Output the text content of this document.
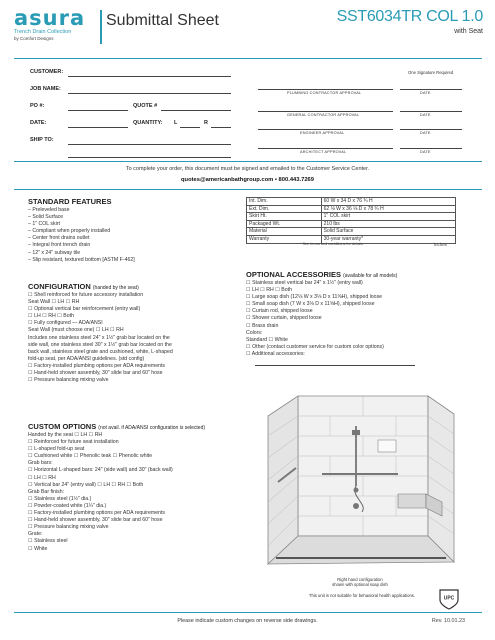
asura
Trench Drain Collection
by Comfort Designs
Submittal Sheet	SST6034TR COL 1.0
with Seat
CUSTOMER:
JOB NAME:
PO #:	QUOTE #
DATE:	QUANTITY: L	R
SHIP TO:
One Signature Required
PLUMBING CONTRACTOR APPROVAL	DATE
GENERAL CONTRACTOR APPROVAL	DATE
ENGINEER APPROVAL	DATE
ARCHITECT APPROVAL	DATE
To complete your order, this document must be signed and emailed to the Customer Service Center.
quotes@americanbathgroup.com • 800.443.7269
STANDARD FEATURES
– Preleveled base
– Solid Surface
– 1" COL skirt
– Compliant when properly installed
– Center front drains outlet
– Integral front trench drain
– 12" x 24" subway tile
– Slip resistant, textured bottom [ASTM F-462]
Int. Dim.	60 W x 34 D x 76 ¾ H
Ext. Dim.	62 ⅛ W x 36 ⅛ D x 78 ¾ H
Skirt Ht.	1" COL skirt
Packaged Wt.	210 lbs
Material	Solid Surface
Warranty	30-year warranty*
* See terms and conditions for details	inches
CONFIGURATION (handed by the seat)
☐ Shell reinforced for future accessory installation
Seat Wall ☐ LH ☐ RH
☐ Optional vertical bar reinforcement (entry wall)
☐ LH ☐ RH ☐ Both
☐ Fully configured — ADA/ANSI
Seat Wall (must choose one) ☐ LH ☐ RH
Includes one stainless steel 24" x 1½" grab bar located on the
side wall, one stainless steel 30" x 1½" grab bar located on the
back wall, stainless steel grate and cushioned, white, L-shaped
fold-up seat, per ADA/ANSI guidelines. (std config)
☐ Factory-installed plumbing options per ADA requirements
☐ Hand-held shower assembly, 30" slide bar and 60" hose
☐ Pressure balancing mixing valve
OPTIONAL ACCESSORIES (available for all models)
☐ Stainless steel vertical bar 24" x 1½" (entry wall)
☐ LH ☐ RH ☐ Both
☐ Large soap dish (12⅛ W x 3⅛ D x 11⅝H), shipped loose
☐ Small soap dish (7 W x 3⅛ D x 11⅝H), shipped loose
☐ Curtain rod, shipped loose
☐ Shower curtain, shipped loose
☐ Brass drain
Colors:
Standard ☐ White
☐ Other (contact customer service for custom color options)
☐ Additional accessories:
CUSTOM OPTIONS (not avail. if ADA/ANSI configuration is selected)
Handed by the seat ☐ LH ☐ RH
☐ Reinforced for future seat installation
☐ L-shaped fold-up seat
☐ Cushioned white ☐ Phenolic teak ☐ Phenolic white
Grab bars:
☐ Horizontal L-shaped bars: 24" (side wall) and 30" (back wall)
☐ LH ☐ RH
☐ Vertical bar 24" (entry wall) ☐ LH ☐ RH ☐ Both
Grab Bar finish:
☐ Stainless steel (1½" dia.)
☐ Powder-coated white (1¼" dia.)
☐ Factory-installed plumbing options per ADA requirements
☐ Hand-held shower assembly, 30" slide bar and 60" hose
☐ Pressure balancing mixing valve
Grate:
☐ Stainless steel
☐ White
Right hand configuration
shown with optional soap dish
This unit is not suitable for behavioral health applications.	UPC
Please indicate custom changes on reverse side drawings.	Rev. 10.01.23
